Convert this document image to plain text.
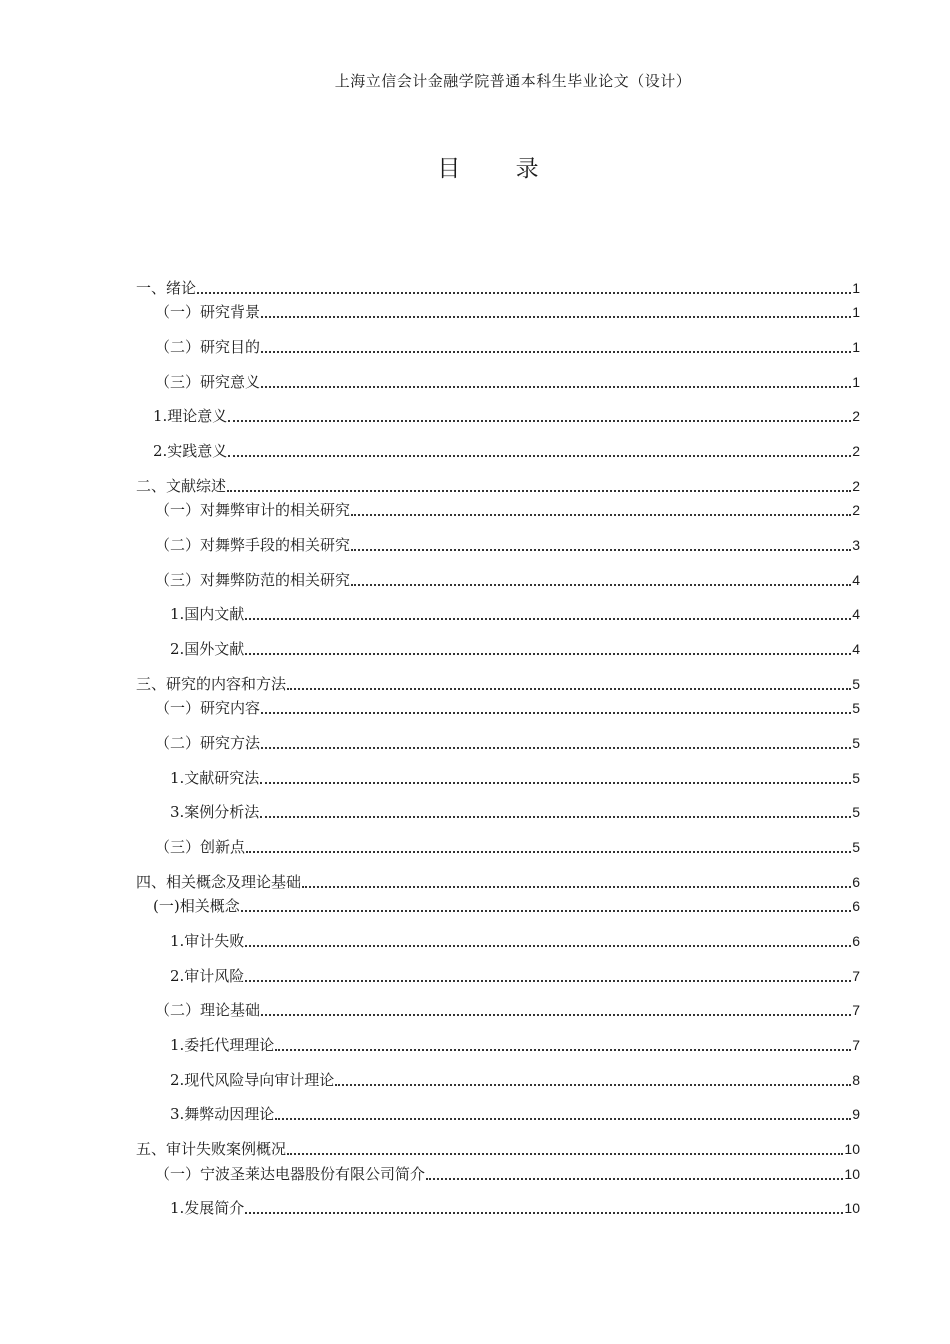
上海立信会计金融学院普通本科生毕业论文（设计）
目 录
一、绪论	1
（一）研究背景	1
（二）研究目的	1
（三）研究意义	1
1.理论意义	2
2.实践意义	2
二、文献综述	2
（一）对舞弊审计的相关研究	2
（二）对舞弊手段的相关研究	3
（三）对舞弊防范的相关研究	4
1.国内文献	4
2.国外文献	4
三、研究的内容和方法	5
（一）研究内容	5
（二）研究方法	5
1.文献研究法	5
3.案例分析法	5
（三）创新点	5
四、相关概念及理论基础	6
(一)相关概念	6
1.审计失败	6
2.审计风险	7
（二）理论基础	7
1.委托代理理论	7
2.现代风险导向审计理论	8
3.舞弊动因理论	9
五、审计失败案例概况	10
（一）宁波圣莱达电器股份有限公司简介	10
1.发展简介	10
